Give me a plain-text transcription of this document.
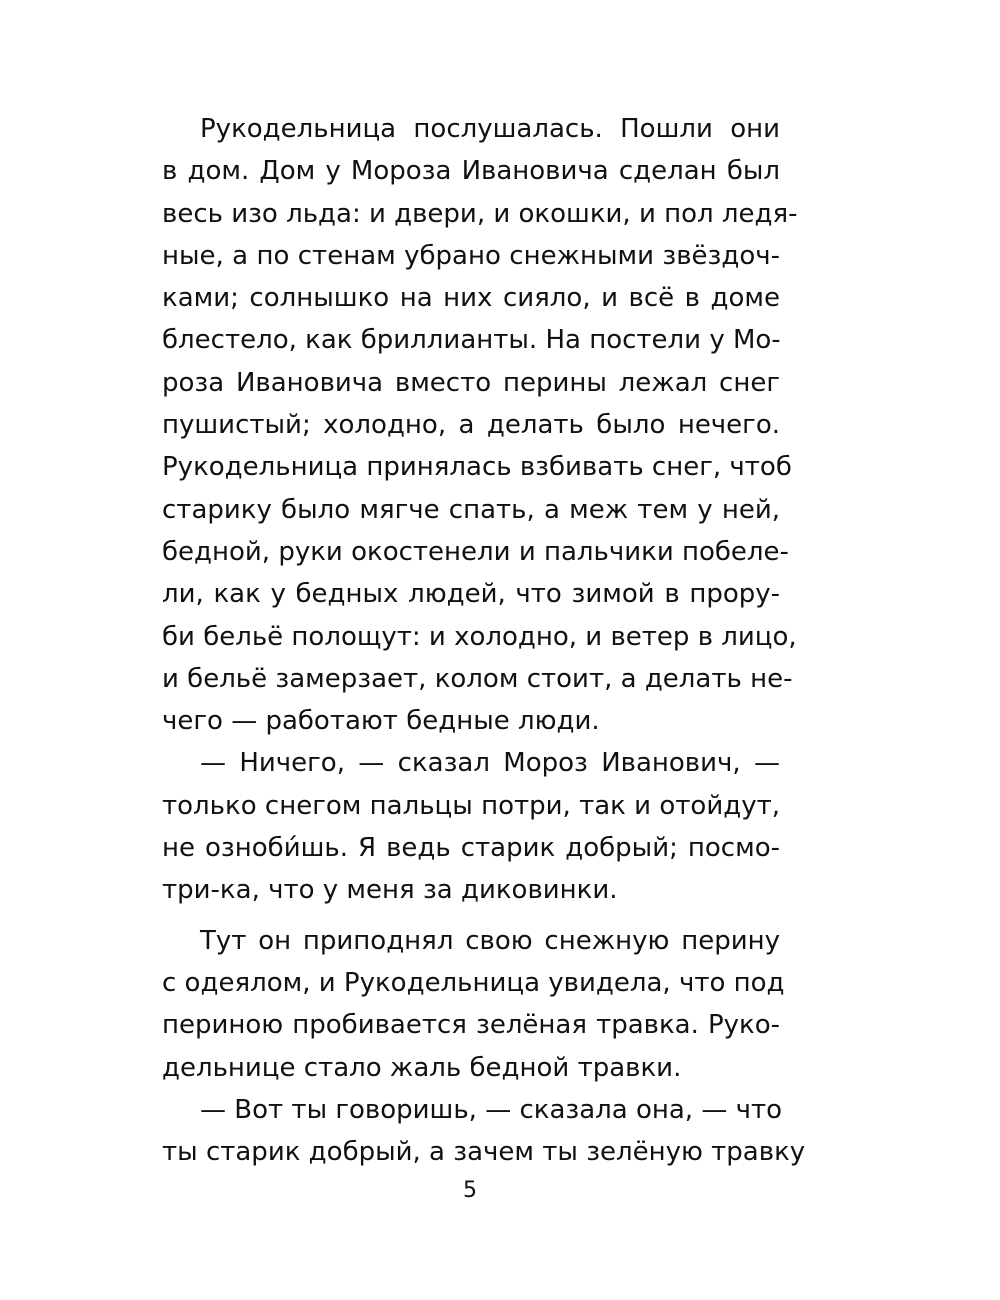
Рукодельница послушалась. Пошли они
в дом. Дом у Мороза Ивановича сделан был
весь изо льда: и двери, и окошки, и пол ледя-
ные, а по стенам убрано снежными звёздоч-
ками; солнышко на них сияло, и всё в доме
блестело, как бриллианты. На постели у Мо-
роза Ивановича вместо перины лежал снег
пушистый; холодно, а делать было нечего.
Рукодельница принялась взбивать снег, чтоб
старику было мягче спать, а меж тем у ней,
бедной, руки окостенели и пальчики побеле-
ли, как у бедных людей, что зимой в прору-
би бельё полощут: и холодно, и ветер в лицо,
и бельё замерзает, колом стоит, а делать не-
чего — работают бедные люди.
— Ничего, — сказал Мороз Иванович, —
только снегом пальцы потри, так и отойдут,
не озноби́шь. Я ведь старик добрый; посмо-
три-ка, что у меня за диковинки.
Тут он приподнял свою снежную перину
с одеялом, и Рукодельница увидела, что под
периною пробивается зелёная травка. Руко-
дельнице стало жаль бедной травки.
— Вот ты говоришь, — сказала она, — что
ты старик добрый, а зачем ты зелёную травку
5
